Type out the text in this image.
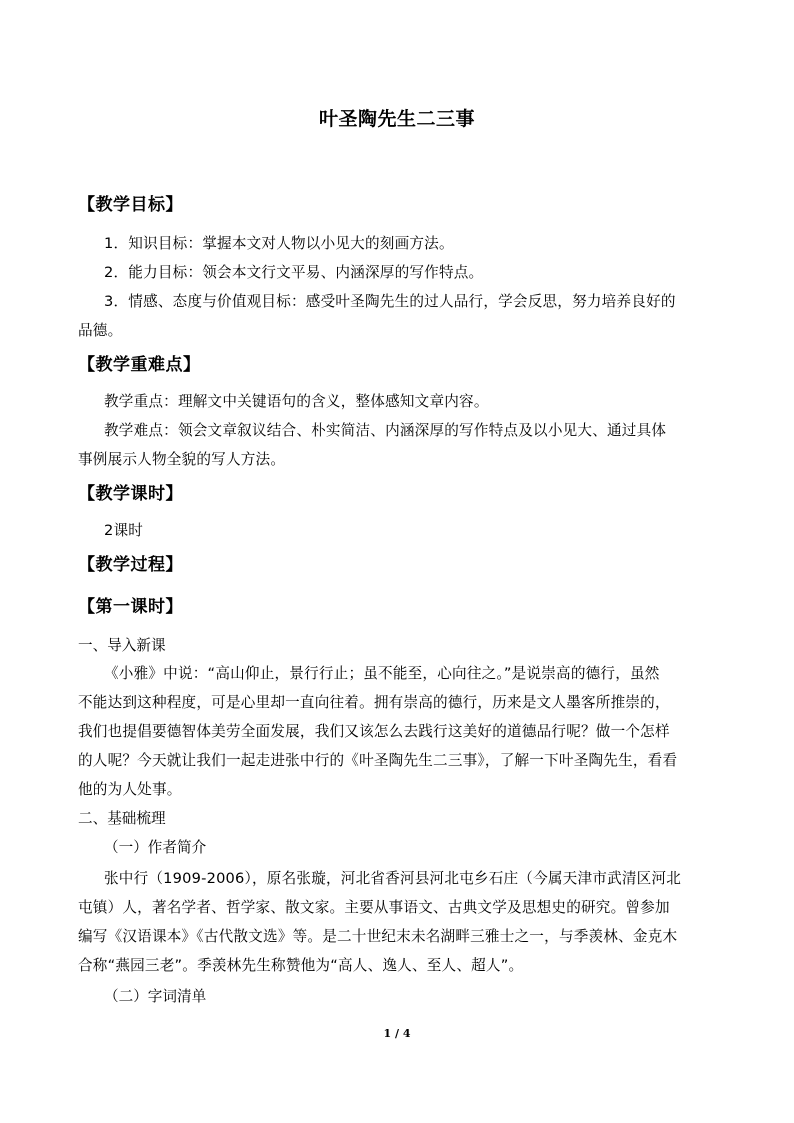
叶圣陶先生二三事
【教学目标】
1．知识目标：掌握本文对人物以小见大的刻画方法。
2．能力目标：领会本文行文平易、内涵深厚的写作特点。
3．情感、态度与价值观目标：感受叶圣陶先生的过人品行，学会反思，努力培养良好的
品德。
【教学重难点】
教学重点：理解文中关键语句的含义，整体感知文章内容。
教学难点：领会文章叙议结合、朴实简洁、内涵深厚的写作特点及以小见大、通过具体
事例展示人物全貌的写人方法。
【教学课时】
2课时
【教学过程】
【第一课时】
一、导入新课
《小雅》中说：“高山仰止，景行行止；虽不能至，心向往之。”是说崇高的德行，虽然
不能达到这种程度，可是心里却一直向往着。拥有崇高的德行，历来是文人墨客所推崇的，
我们也提倡要德智体美劳全面发展，我们又该怎么去践行这美好的道德品行呢？做一个怎样
的人呢？今天就让我们一起走进张中行的《叶圣陶先生二三事》，了解一下叶圣陶先生，看看
他的为人处事。
二、基础梳理
（一）作者简介
张中行（1909-2006），原名张璇，河北省香河县河北屯乡石庄（今属天津市武清区河北
屯镇）人，著名学者、哲学家、散文家。主要从事语文、古典文学及思想史的研究。曾参加
编写《汉语课本》《古代散文选》等。是二十世纪末未名湖畔三雅士之一，与季羡林、金克木
合称“燕园三老”。季羡林先生称赞他为“高人、逸人、至人、超人”。
（二）字词清单
1 / 4
